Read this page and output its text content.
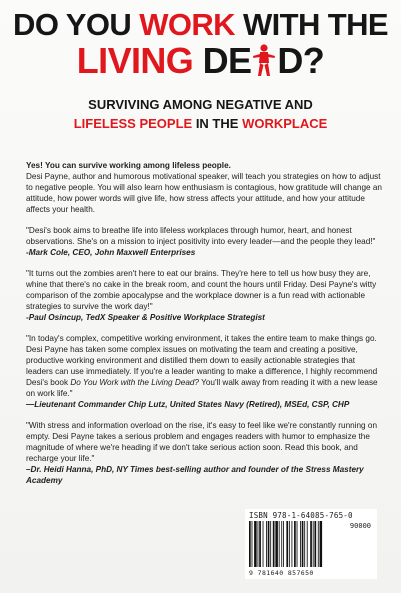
DO YOU WORK WITH THE
LIVING DE D?
SURVIVING AMONG NEGATIVE AND
LIFELESS PEOPLE IN THE WORKPLACE

Yes! You can survive working among lifeless people.

Desi Payne, author and humorous motivational speaker, will teach you strategies on how to adjust to negative people. You will also learn how enthusiasm is contagious, how gratitude will change an attitude, how power words will give life, how stress affects your attitude, and how your attitude affects your health.

"Desi's book aims to breathe life into lifeless workplaces through humor, heart, and honest observations. She's on a mission to inject positivity into every leader—and the people they lead!"
-Mark Cole, CEO, John Maxwell Enterprises

"It turns out the zombies aren't here to eat our brains. They're here to tell us how busy they are, whine that there's no cake in the break room, and count the hours until Friday. Desi Payne's witty comparison of the zombie apocalypse and the workplace downer is a fun read with actionable strategies to survive the work day!"
-Paul Osincup, TedX Speaker & Positive Workplace Strategist

"In today's complex, competitive working environment, it takes the entire team to make things go. Desi Payne has taken some complex issues on motivating the team and creating a positive, productive working environment and distilled them down to easily actionable strategies that leaders can use immediately. If you're a leader wanting to make a difference, I highly recommend Desi's book Do You Work with the Living Dead? You'll walk away from reading it with a new lease on work life."
—Lieutenant Commander Chip Lutz, United States Navy (Retired), MSEd, CSP, CHP

"With stress and information overload on the rise, it's easy to feel like we're constantly running on empty. Desi Payne takes a serious problem and engages readers with humor to emphasize the magnitude of where we're heading if we don't take serious action soon. Read this book, and recharge your life."
–Dr. Heidi Hanna, PhD, NY Times best-selling author and founder of the Stress Mastery Academy

ISBN 978-1-64085-765-0
90000
9 781640 857650
